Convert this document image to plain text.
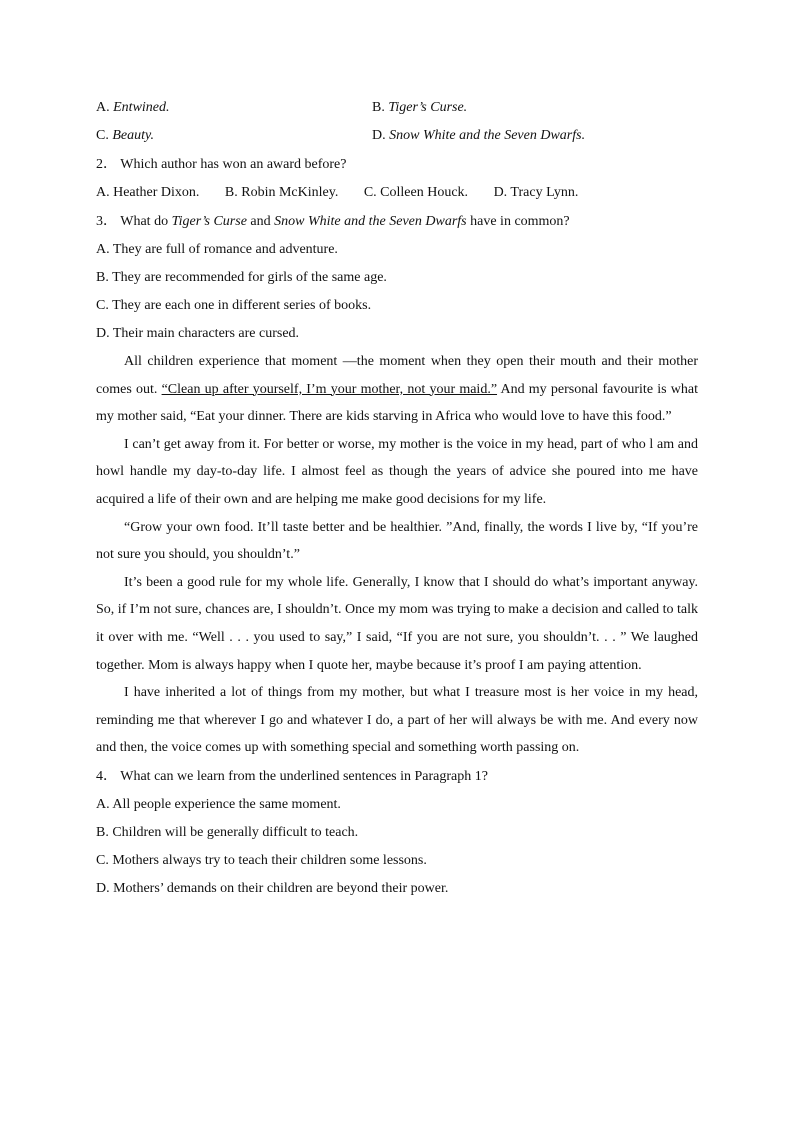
A. Entwined.	B. Tiger’s Curse.
C. Beauty.	D. Snow White and the Seven Dwarfs.
2． Which author has won an award before?
A. Heather Dixon. B. Robin McKinley. C. Colleen Houck. D. Tracy Lynn.
3． What do Tiger’s Curse and Snow White and the Seven Dwarfs have in common?
A. They are full of romance and adventure.
B. They are recommended for girls of the same age.
C. They are each one in different series of books.
D. Their main characters are cursed.

All children experience that moment —the moment when they open their mouth and their mother comes out. “Clean up after yourself, I’m your mother, not your maid.” And my personal favourite is what my mother said, “Eat your dinner. There are kids starving in Africa who would love to have this food.”

I can’t get away from it. For better or worse, my mother is the voice in my head, part of who l am and howl handle my day-to-day life. I almost feel as though the years of advice she poured into me have acquired a life of their own and are helping me make good decisions for my life.

“Grow your own food. It’ll taste better and be healthier. ”And, finally, the words I live by, “If you’re not sure you should, you shouldn’t.”

It’s been a good rule for my whole life. Generally, I know that I should do what’s important anyway. So, if I’m not sure, chances are, I shouldn’t. Once my mom was trying to make a decision and called to talk it over with me. “Well . . . you used to say,” I said, “If you are not sure, you shouldn’t. . . ” We laughed together. Mom is always happy when I quote her, maybe because it’s proof I am paying attention.

I have inherited a lot of things from my mother, but what I treasure most is her voice in my head, reminding me that wherever I go and whatever I do, a part of her will always be with me. And every now and then, the voice comes up with something special and something worth passing on.

4． What can we learn from the underlined sentences in Paragraph 1?
A. All people experience the same moment.
B. Children will be generally difficult to teach.
C. Mothers always try to teach their children some lessons.
D. Mothers’ demands on their children are beyond their power.
